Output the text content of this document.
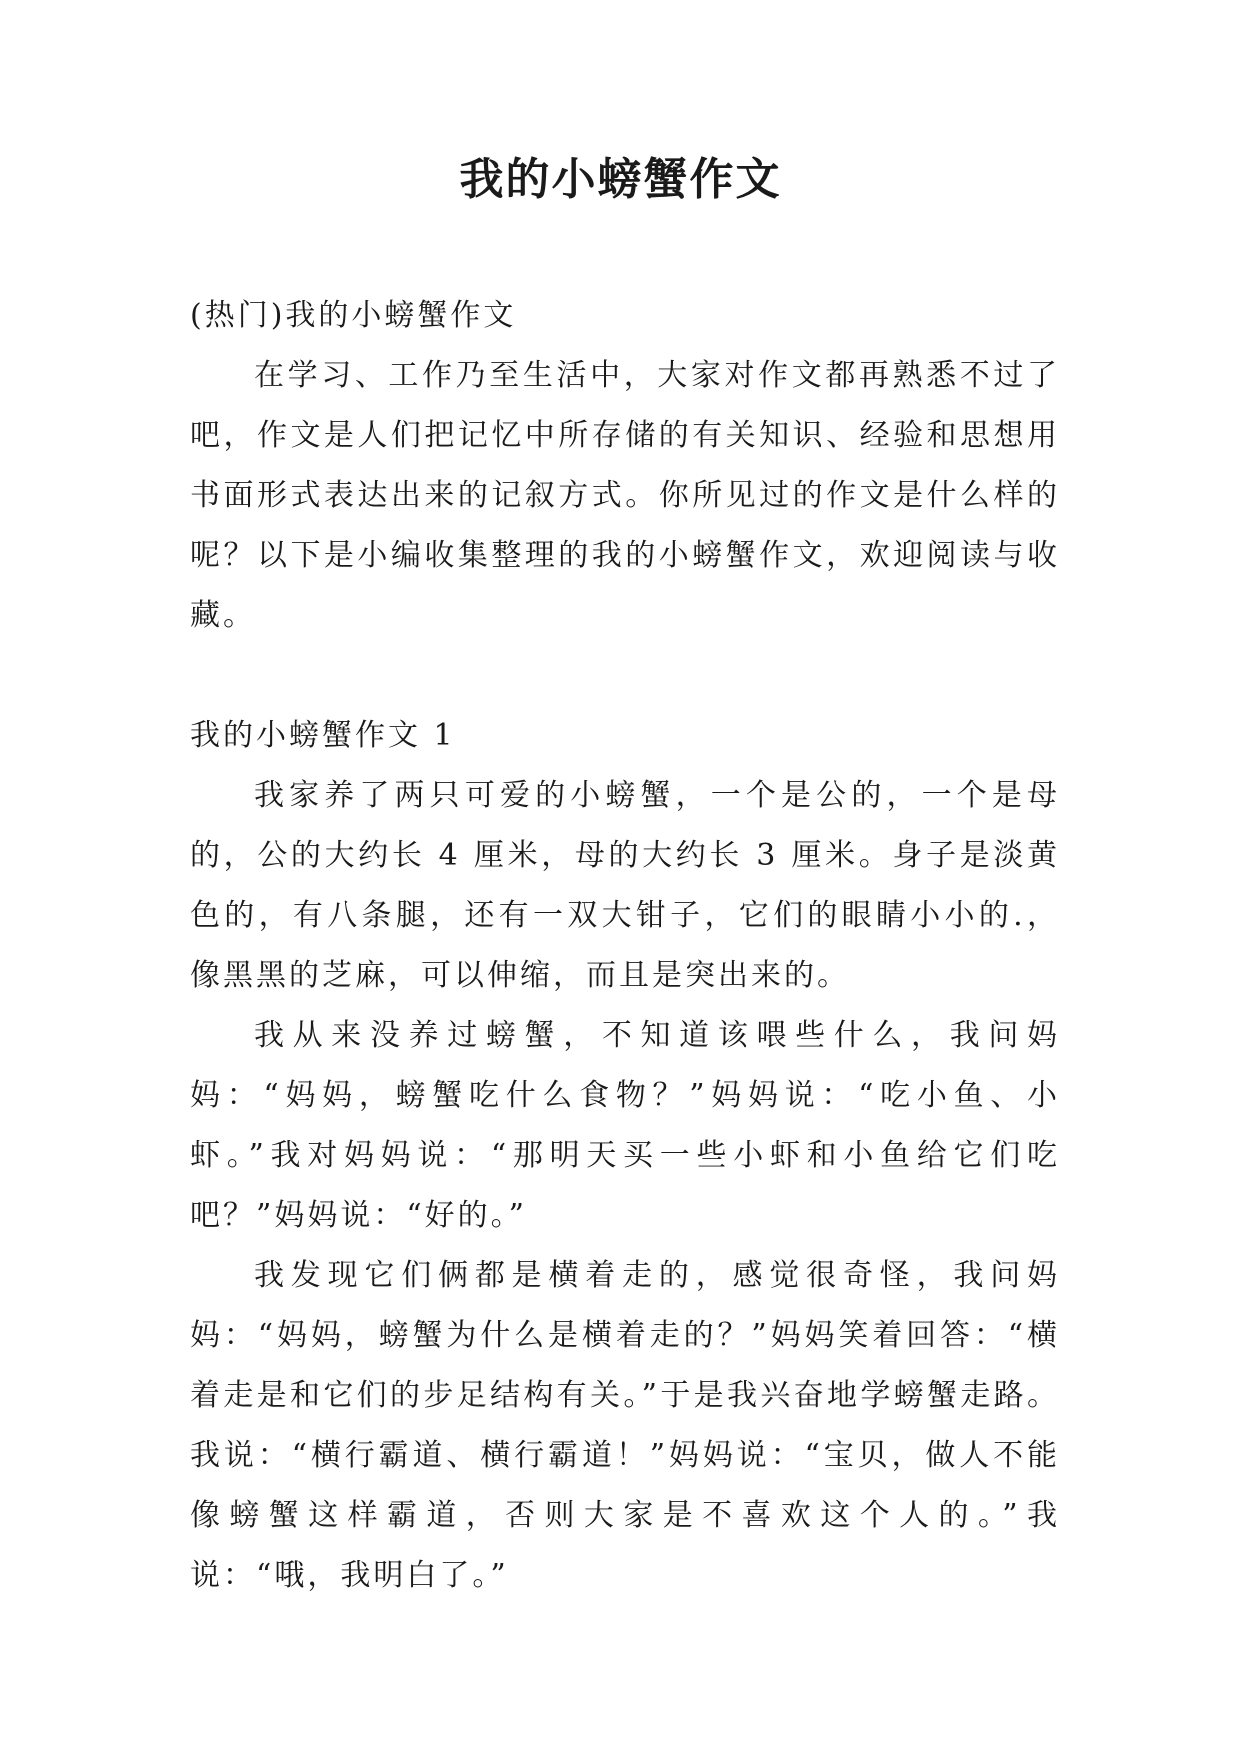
我的小螃蟹作文

(热门)我的小螃蟹作文

在学习、工作乃至生活中，大家对作文都再熟悉不过了吧，作文是人们把记忆中所存储的有关知识、经验和思想用书面形式表达出来的记叙方式。你所见过的作文是什么样的呢？以下是小编收集整理的我的小螃蟹作文，欢迎阅读与收藏。

我的小螃蟹作文 1

我家养了两只可爱的小螃蟹，一个是公的，一个是母的，公的大约长 4 厘米，母的大约长 3 厘米。身子是淡黄色的，有八条腿，还有一双大钳子，它们的眼睛小小的.，像黑黑的芝麻，可以伸缩，而且是突出来的。

我从来没养过螃蟹，不知道该喂些什么，我问妈妈：“妈妈，螃蟹吃什么食物？”妈妈说：“吃小鱼、小虾。”我对妈妈说：“那明天买一些小虾和小鱼给它们吃吧？”妈妈说：“好的。”

我发现它们俩都是横着走的，感觉很奇怪，我问妈妈：“妈妈，螃蟹为什么是横着走的？”妈妈笑着回答：“横着走是和它们的步足结构有关。”于是我兴奋地学螃蟹走路。我说：“横行霸道、横行霸道！”妈妈说：“宝贝，做人不能像螃蟹这样霸道，否则大家是不喜欢这个人的。”我说：“哦，我明白了。”
